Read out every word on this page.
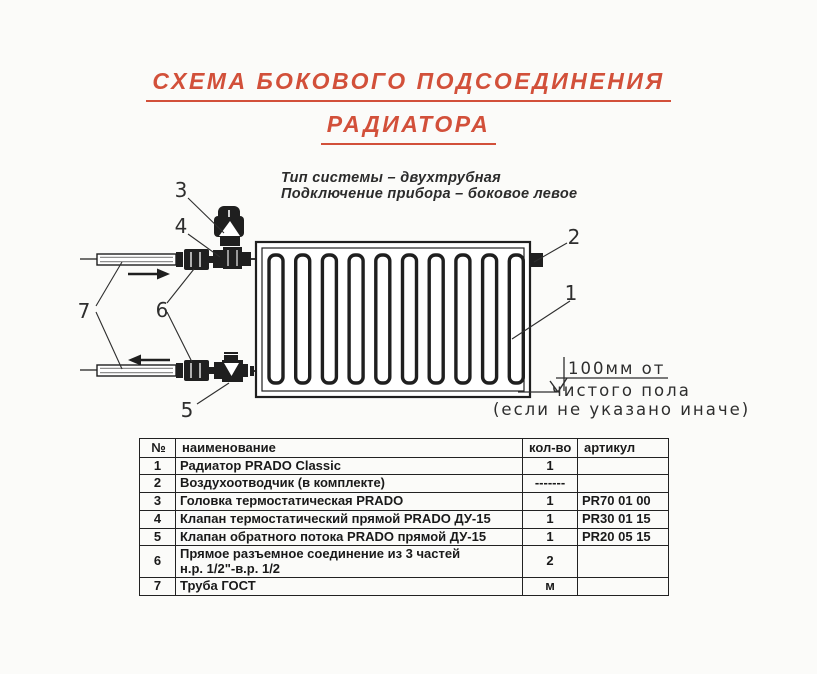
СХЕМА БОКОВОГО ПОДСОЕДИНЕНИЯ
РАДИАТОРА
Тип системы – двухтрубная
Подключение прибора – боковое левое
1
2
3
4
5
6
7
100мм от
чистого пола
(если не указано иначе)
№	наименование	кол-во	артикул
1	Радиатор PRADO Classic	1	
2	Воздухоотводчик (в комплекте)	-------	
3	Головка термостатическая PRADO	1	PR70 01 00
4	Клапан термостатический прямой PRADO ДУ-15	1	PR30 01 15
5	Клапан обратного потока PRADO прямой ДУ-15	1	PR20 05 15
6	Прямое разъемное соединение из 3 частей
н.р. 1/2"-в.р. 1/2	2	
7	Труба ГОСТ	м	
